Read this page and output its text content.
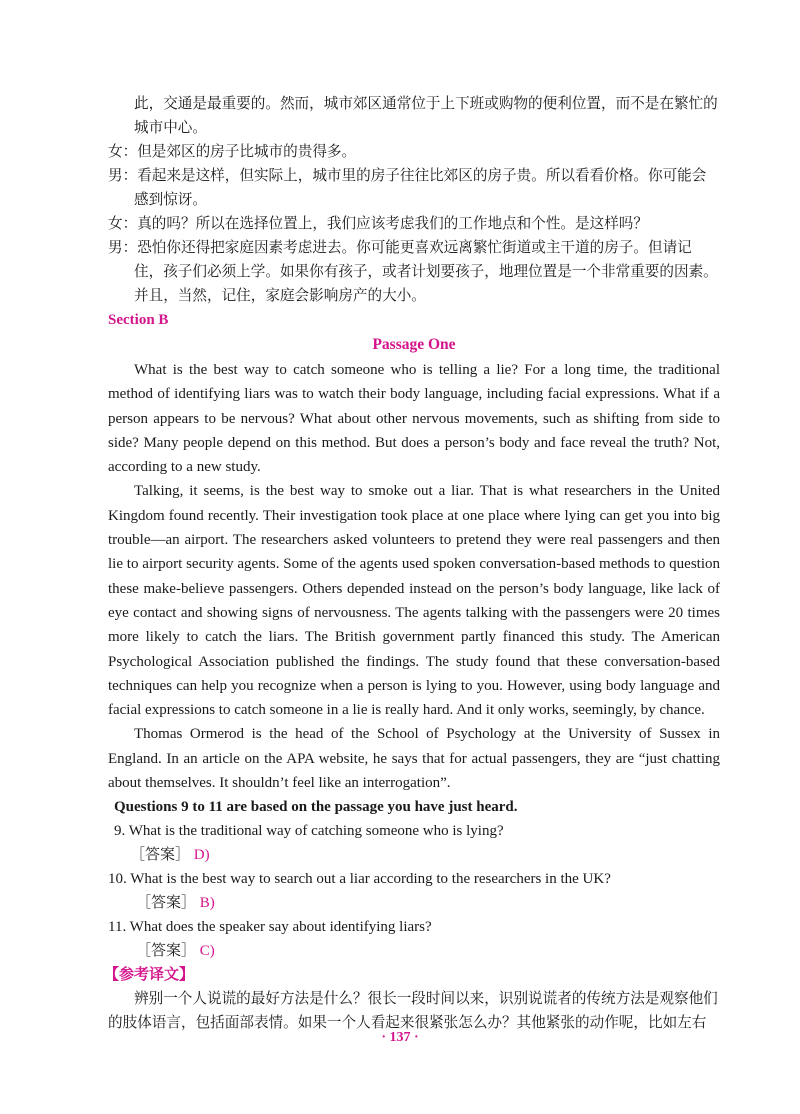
此，交通是最重要的。然而，城市郊区通常位于上下班或购物的便利位置，而不是在繁忙的城市中心。

女：但是郊区的房子比城市的贵得多。

男：看起来是这样，但实际上，城市里的房子往往比郊区的房子贵。所以看看价格。你可能会感到惊讶。

女：真的吗？所以在选择位置上，我们应该考虑我们的工作地点和个性。是这样吗？

男：恐怕你还得把家庭因素考虑进去。你可能更喜欢远离繁忙街道或主干道的房子。但请记住，孩子们必须上学。如果你有孩子，或者计划要孩子，地理位置是一个非常重要的因素。并且，当然，记住，家庭会影响房产的大小。

Section B

Passage One

What is the best way to catch someone who is telling a lie? For a long time, the traditional method of identifying liars was to watch their body language, including facial expressions. What if a person appears to be nervous? What about other nervous movements, such as shifting from side to side? Many people depend on this method. But does a person’s body and face reveal the truth? Not, according to a new study.

Talking, it seems, is the best way to smoke out a liar. That is what researchers in the United Kingdom found recently. Their investigation took place at one place where lying can get you into big trouble—an airport. The researchers asked volunteers to pretend they were real passengers and then lie to airport security agents. Some of the agents used spoken conversation-based methods to question these make-believe passengers. Others depended instead on the person’s body language, like lack of eye contact and showing signs of nervousness. The agents talking with the passengers were 20 times more likely to catch the liars. The British government partly financed this study. The American Psychological Association published the findings. The study found that these conversation-based techniques can help you recognize when a person is lying to you. However, using body language and facial expressions to catch someone in a lie is really hard. And it only works, seemingly, by chance.

Thomas Ormerod is the head of the School of Psychology at the University of Sussex in England. In an article on the APA website, he says that for actual passengers, they are “just chatting about themselves. It shouldn’t feel like an interrogation”.

Questions 9 to 11 are based on the passage you have just heard.

9. What is the traditional way of catching someone who is lying?

［答案］ D)

10. What is the best way to search out a liar according to the researchers in the UK?

［答案］ B)

11. What does the speaker say about identifying liars?

［答案］ C)

【参考译文】

辨别一个人说谎的最好方法是什么？很长一段时间以来，识别说谎者的传统方法是观察他们的肢体语言，包括面部表情。如果一个人看起来很紧张怎么办？其他紧张的动作呢，比如左右

· 137 ·
